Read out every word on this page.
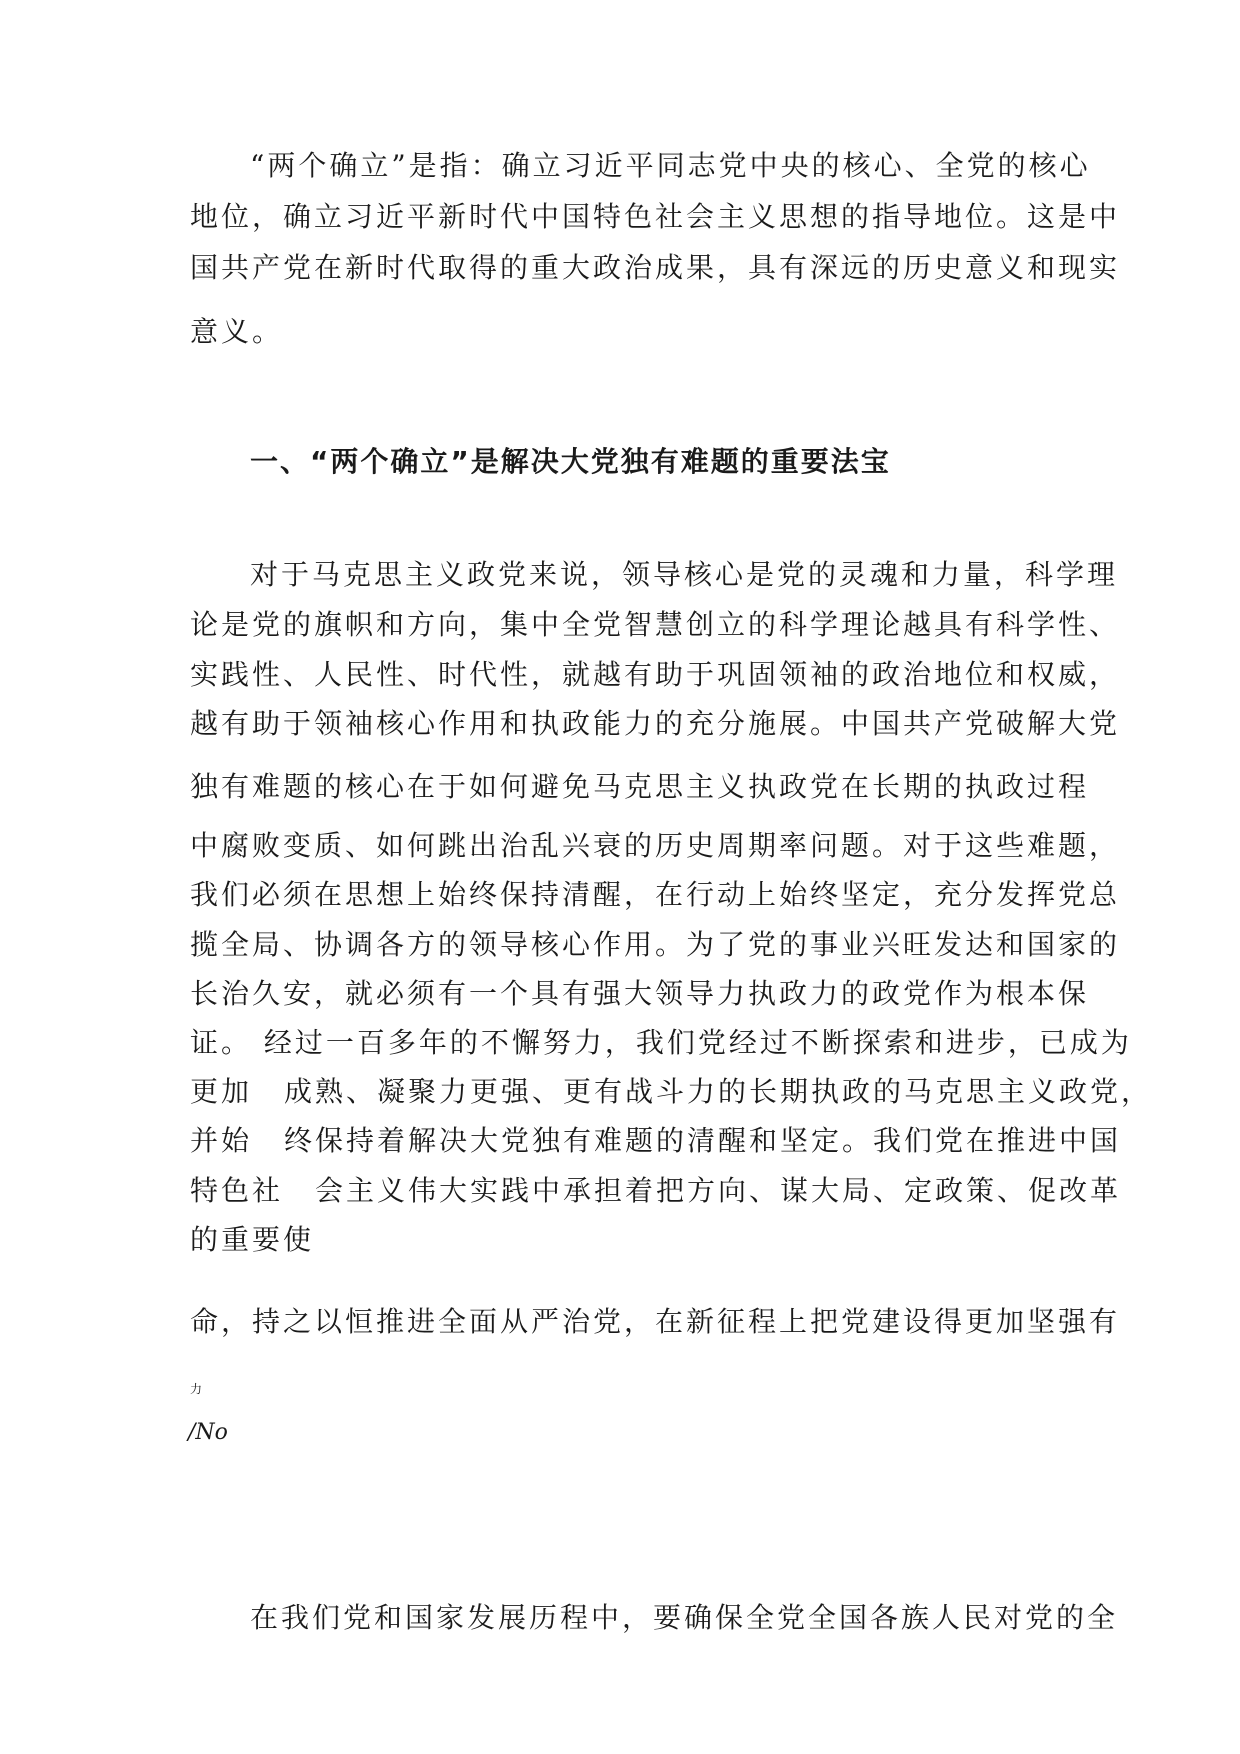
“两个确立”是指：确立习近平同志党中央的核心、全党的核心
地位，确立习近平新时代中国特色社会主义思想的指导地位。这是中
国共产党在新时代取得的重大政治成果，具有深远的历史意义和现实
意义。
一、“两个确立”是解决大党独有难题的重要法宝
对于马克思主义政党来说，领导核心是党的灵魂和力量，科学理
论是党的旗帜和方向，集中全党智慧创立的科学理论越具有科学性、
实践性、人民性、时代性，就越有助于巩固领袖的政治地位和权威，
越有助于领袖核心作用和执政能力的充分施展。中国共产党破解大党
独有难题的核心在于如何避免马克思主义执政党在长期的执政过程
中腐败变质、如何跳出治乱兴衰的历史周期率问题。对于这些难题，
我们必须在思想上始终保持清醒，在行动上始终坚定，充分发挥党总
揽全局、协调各方的领导核心作用。为了党的事业兴旺发达和国家的
长治久安，就必须有一个具有强大领导力执政力的政党作为根本保
证。 经过一百多年的不懈努力，我们党经过不断探索和进步，已成为
更加 成熟、凝聚力更强、更有战斗力的长期执政的马克思主义政党，
并始 终保持着解决大党独有难题的清醒和坚定。我们党在推进中国
特色社 会主义伟大实践中承担着把方向、谋大局、定政策、促改革
的重要使
命，持之以恒推进全面从严治党，在新征程上把党建设得更加坚强有
力
/No
在我们党和国家发展历程中，要确保全党全国各族人民对党的全
